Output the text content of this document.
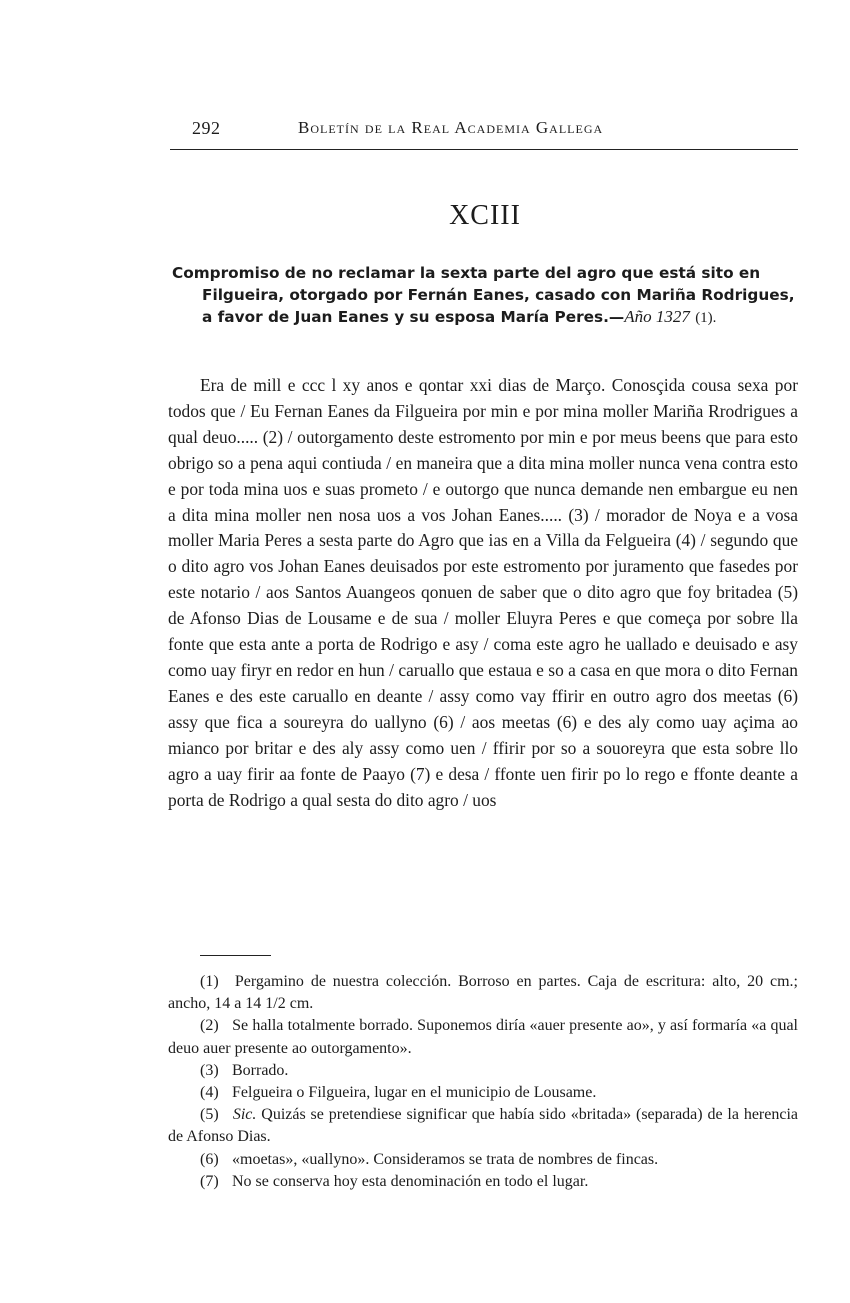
292	Boletín de la Real Academia Gallega
XCIII
Compromiso de no reclamar la sexta parte del agro que está sito en Filgueira, otorgado por Fernán Eanes, casado con Mariña Rodrigues, a favor de Juan Eanes y su esposa María Peres.—Año 1327 (1).

Era de mill e ccc l xy anos e qontar xxi dias de Março. Conosçida cousa sexa por todos que / Eu Fernan Eanes da Filgueira por min e por mina moller Mariña Rrodrigues a qual deuo..... (2) / outorgamento deste estromento por min e por meus beens que para esto obrigo so a pena aqui contiuda / en maneira que a dita mina moller nunca vena contra esto e por toda mina uos e suas prometo / e outorgo que nunca demande nen embargue eu nen a dita mina moller nen nosa uos a vos Johan Eanes..... (3) / morador de Noya e a vosa moller Maria Peres a sesta parte do Agro que ias en a Villa da Felgueira (4) / segundo que o dito agro vos Johan Eanes deuisados por este estromento por juramento que fasedes por este notario / aos Santos Auangeos qonuen de saber que o dito agro que foy britadea (5) de Afonso Dias de Lousame e de sua / moller Eluyra Peres e que começa por sobre lla fonte que esta ante a porta de Rodrigo e asy / coma este agro he uallado e deuisado e asy como uay firyr en redor en hun / caruallo que estaua e so a casa en que mora o dito Fernan Eanes e des este caruallo en deante / assy como vay ffirir en outro agro dos meetas (6) assy que fica a soureyra do uallyno (6) / aos meetas (6) e des aly como uay açima ao mianco por britar e des aly assy como uen / ffirir por so a souoreyra que esta sobre llo agro a uay firir aa fonte de Paayo (7) e desa / ffonte uen firir po lo rego e ffonte deante a porta de Rodrigo a qual sesta do dito agro / uos

(1) Pergamino de nuestra colección. Borroso en partes. Caja de escritura: alto, 20 cm.; ancho, 14 a 14 1/2 cm.

(2) Se halla totalmente borrado. Suponemos diría «auer presente ao», y así formaría «a qual deuo auer presente ao outorgamento».

(3) Borrado.

(4) Felgueira o Filgueira, lugar en el municipio de Lousame.

(5) Sic. Quizás se pretendiese significar que había sido «britada» (separada) de la herencia de Afonso Dias.

(6) «moetas», «uallyno». Consideramos se trata de nombres de fincas.

(7) No se conserva hoy esta denominación en todo el lugar.
